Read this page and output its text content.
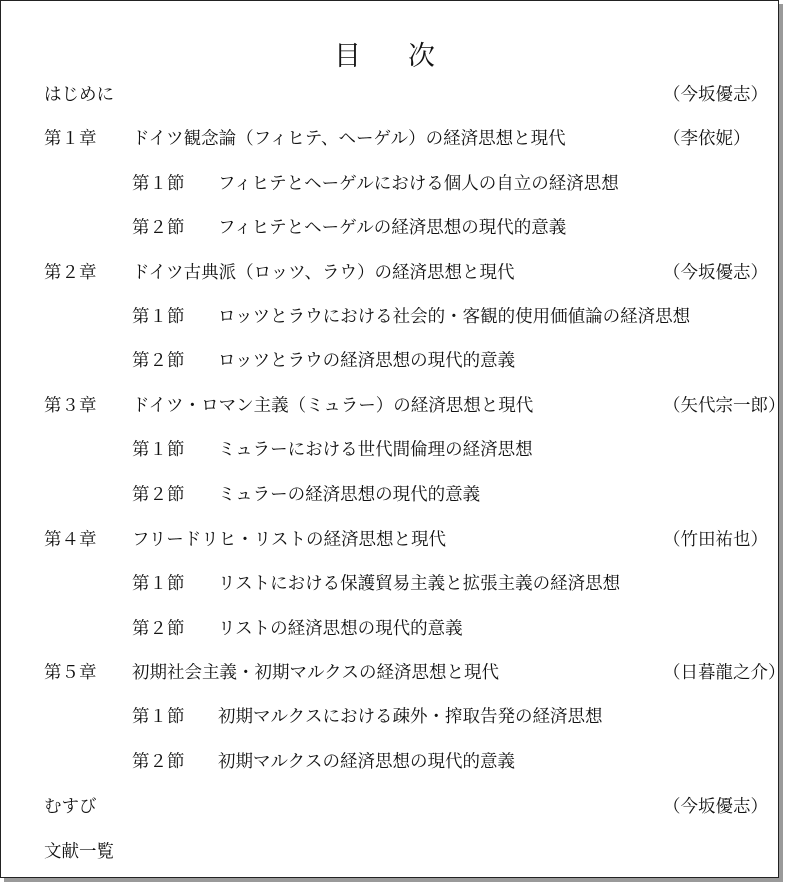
目　次
はじめに	（今坂優志）
第１章 ドイツ観念論（フィヒテ、ヘーゲル）の経済思想と現代	（李依妮）
第１節 フィヒテとヘーゲルにおける個人の自立の経済思想
第２節 フィヒテとヘーゲルの経済思想の現代的意義
第２章 ドイツ古典派（ロッツ、ラウ）の経済思想と現代	（今坂優志）
第１節 ロッツとラウにおける社会的・客観的使用価値論の経済思想
第２節 ロッツとラウの経済思想の現代的意義
第３章 ドイツ・ロマン主義（ミュラー）の経済思想と現代	（矢代宗一郎）
第１節 ミュラーにおける世代間倫理の経済思想
第２節 ミュラーの経済思想の現代的意義
第４章 フリードリヒ・リストの経済思想と現代	（竹田祐也）
第１節 リストにおける保護貿易主義と拡張主義の経済思想
第２節 リストの経済思想の現代的意義
第５章 初期社会主義・初期マルクスの経済思想と現代	（日暮龍之介）
第１節 初期マルクスにおける疎外・搾取告発の経済思想
第２節 初期マルクスの経済思想の現代的意義
むすび	（今坂優志）
文献一覧
